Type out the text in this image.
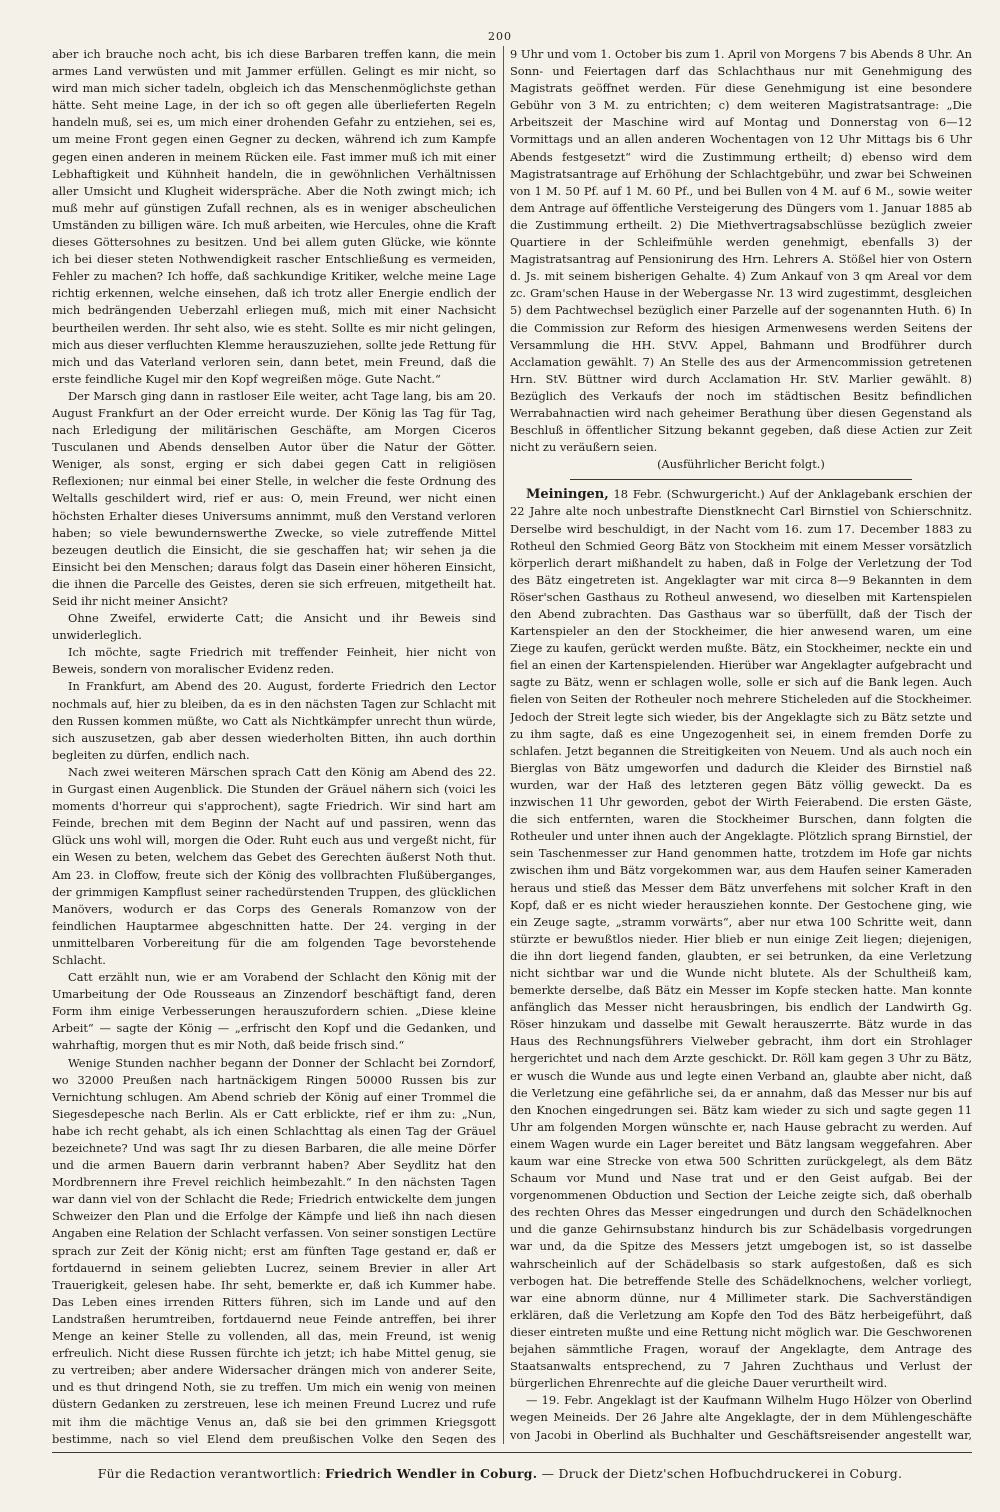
200

aber ich brauche noch acht, bis ich diese Barbaren treffen kann, die mein armes Land verwüsten und mit Jammer erfüllen. Gelingt es mir nicht, so wird man mich sicher tadeln, obgleich ich das Menschenmöglichste gethan hätte. Seht meine Lage, in der ich so oft gegen alle überlieferten Regeln handeln muß, sei es, um mich einer drohenden Gefahr zu entziehen, sei es, um meine Front gegen einen Gegner zu decken, während ich zum Kampfe gegen einen anderen in meinem Rücken eile. Fast immer muß ich mit einer Lebhaftigkeit und Kühnheit handeln, die in gewöhnlichen Verhältnissen aller Umsicht und Klugheit widerspräche. Aber die Noth zwingt mich; ich muß mehr auf günstigen Zufall rechnen, als es in weniger abscheulichen Umständen zu billigen wäre. Ich muß arbeiten, wie Hercules, ohne die Kraft dieses Göttersohnes zu besitzen. Und bei allem guten Glücke, wie könnte ich bei dieser steten Nothwendigkeit rascher Entschließung es vermeiden, Fehler zu machen? Ich hoffe, daß sachkundige Kritiker, welche meine Lage richtig erkennen, welche einsehen, daß ich trotz aller Energie endlich der mich bedrängenden Ueberzahl erliegen muß, mich mit einer Nachsicht beurtheilen werden. Ihr seht also, wie es steht. Sollte es mir nicht gelingen, mich aus dieser verfluchten Klemme herauszuziehen, sollte jede Rettung für mich und das Vaterland verloren sein, dann betet, mein Freund, daß die erste feindliche Kugel mir den Kopf wegreißen möge. Gute Nacht.“

Der Marsch ging dann in rastloser Eile weiter, acht Tage lang, bis am 20. August Frankfurt an der Oder erreicht wurde. Der König las Tag für Tag, nach Erledigung der militärischen Geschäfte, am Morgen Ciceros Tusculanen und Abends denselben Autor über die Natur der Götter. Weniger, als sonst, erging er sich dabei gegen Catt in religiösen Reflexionen; nur einmal bei einer Stelle, in welcher die feste Ordnung des Weltalls geschildert wird, rief er aus: O, mein Freund, wer nicht einen höchsten Erhalter dieses Universums annimmt, muß den Verstand verloren haben; so viele bewundernswerthe Zwecke, so viele zutreffende Mittel bezeugen deutlich die Einsicht, die sie geschaffen hat; wir sehen ja die Einsicht bei den Menschen; daraus folgt das Dasein einer höheren Einsicht, die ihnen die Parcelle des Geistes, deren sie sich erfreuen, mitgetheilt hat. Seid ihr nicht meiner Ansicht?

Ohne Zweifel, erwiderte Catt; die Ansicht und ihr Beweis sind unwiderleglich.

Ich möchte, sagte Friedrich mit treffender Feinheit, hier nicht von Beweis, sondern von moralischer Evidenz reden.

In Frankfurt, am Abend des 20. August, forderte Friedrich den Lector nochmals auf, hier zu bleiben, da es in den nächsten Tagen zur Schlacht mit den Russen kommen müßte, wo Catt als Nichtkämpfer unrecht thun würde, sich auszusetzen, gab aber dessen wiederholten Bitten, ihn auch dorthin begleiten zu dürfen, endlich nach.

Nach zwei weiteren Märschen sprach Catt den König am Abend des 22. in Gurgast einen Augenblick. Die Stunden der Gräuel nähern sich (voici les moments d'horreur qui s'approchent), sagte Friedrich. Wir sind hart am Feinde, brechen mit dem Beginn der Nacht auf und passiren, wenn das Glück uns wohl will, morgen die Oder. Ruht euch aus und vergeßt nicht, für ein Wesen zu beten, welchem das Gebet des Gerechten äußerst Noth thut. Am 23. in Cloffow, freute sich der König des vollbrachten Flußüberganges, der grimmigen Kampflust seiner rachedürstenden Truppen, des glücklichen Manövers, wodurch er das Corps des Generals Romanzow von der feindlichen Hauptarmee abgeschnitten hatte. Der 24. verging in der unmittelbaren Vorbereitung für die am folgenden Tage bevorstehende Schlacht.

Catt erzählt nun, wie er am Vorabend der Schlacht den König mit der Umarbeitung der Ode Rousseaus an Zinzendorf beschäftigt fand, deren Form ihm einige Verbesserungen herauszufordern schien. „Diese kleine Arbeit“ — sagte der König — „erfrischt den Kopf und die Gedanken, und wahrhaftig, morgen thut es mir Noth, daß beide frisch sind.“

Wenige Stunden nachher begann der Donner der Schlacht bei Zorndorf, wo 32000 Preußen nach hartnäckigem Ringen 50000 Russen bis zur Vernichtung schlugen. Am Abend schrieb der König auf einer Trommel die Siegesdepesche nach Berlin. Als er Catt erblickte, rief er ihm zu: „Nun, habe ich recht gehabt, als ich einen Schlachttag als einen Tag der Gräuel bezeichnete? Und was sagt Ihr zu diesen Barbaren, die alle meine Dörfer und die armen Bauern darin verbrannt haben? Aber Seydlitz hat den Mordbrennern ihre Frevel reichlich heimbezahlt.“ In den nächsten Tagen war dann viel von der Schlacht die Rede; Friedrich entwickelte dem jungen Schweizer den Plan und die Erfolge der Kämpfe und ließ ihn nach diesen Angaben eine Relation der Schlacht verfassen. Von seiner sonstigen Lectüre sprach zur Zeit der König nicht; erst am fünften Tage gestand er, daß er fortdauernd in seinem geliebten Lucrez, seinem Brevier in aller Art Trauerigkeit, gelesen habe. Ihr seht, bemerkte er, daß ich Kummer habe. Das Leben eines irrenden Ritters führen, sich im Lande und auf den Landstraßen herumtreiben, fortdauernd neue Feinde antreffen, bei ihrer Menge an keiner Stelle zu vollenden, all das, mein Freund, ist wenig erfreulich. Nicht diese Russen fürchte ich jetzt; ich habe Mittel genug, sie zu vertreiben; aber andere Widersacher drängen mich von anderer Seite, und es thut dringend Noth, sie zu treffen. Um mich ein wenig von meinen düstern Gedanken zu zerstreuen, lese ich meinen Freund Lucrez und rufe mit ihm die mächtige Venus an, daß sie bei den grimmen Kriegsgott bestimme, nach so viel Elend dem preußischen Volke den Segen des

9 Uhr und vom 1. October bis zum 1. April von Morgens 7 bis Abends 8 Uhr. An Sonn- und Feiertagen darf das Schlachthaus nur mit Genehmigung des Magistrats geöffnet werden. Für diese Genehmigung ist eine besondere Gebühr von 3 M. zu entrichten; c) dem weiteren Magistratsantrage: „Die Arbeitszeit der Maschine wird auf Montag und Donnerstag von 6—12 Vormittags und an allen anderen Wochentagen von 12 Uhr Mittags bis 6 Uhr Abends festgesetzt“ wird die Zustimmung ertheilt; d) ebenso wird dem Magistratsantrage auf Erhöhung der Schlachtgebühr, und zwar bei Schweinen von 1 M. 50 Pf. auf 1 M. 60 Pf., und bei Bullen von 4 M. auf 6 M., sowie weiter dem Antrage auf öffentliche Versteigerung des Düngers vom 1. Januar 1885 ab die Zustimmung ertheilt. 2) Die Miethvertragsabschlüsse bezüglich zweier Quartiere in der Schleifmühle werden genehmigt, ebenfalls 3) der Magistratsantrag auf Pensionirung des Hrn. Lehrers A. Stößel hier von Ostern d. Js. mit seinem bisherigen Gehalte. 4) Zum Ankauf von 3 qm Areal vor dem zc. Gram'schen Hause in der Webergasse Nr. 13 wird zugestimmt, desgleichen 5) dem Pachtwechsel bezüglich einer Parzelle auf der sogenannten Huth. 6) In die Commission zur Reform des hiesigen Armenwesens werden Seitens der Versammlung die HH. StVV. Appel, Bahmann und Brodführer durch Acclamation gewählt. 7) An Stelle des aus der Armencommission getretenen Hrn. StV. Büttner wird durch Acclamation Hr. StV. Marlier gewählt. 8) Bezüglich des Verkaufs der noch im städtischen Besitz befindlichen Werrabahnactien wird nach geheimer Berathung über diesen Gegenstand als Beschluß in öffentlicher Sitzung bekannt gegeben, daß diese Actien zur Zeit nicht zu veräußern seien.

(Ausführlicher Bericht folgt.)

Meiningen, 18 Febr. (Schwurgericht.) Auf der Anklagebank erschien der 22 Jahre alte noch unbestrafte Dienstknecht Carl Birnstiel von Schierschnitz. Derselbe wird beschuldigt, in der Nacht vom 16. zum 17. December 1883 zu Rotheul den Schmied Georg Bätz von Stockheim mit einem Messer vorsätzlich körperlich derart mißhandelt zu haben, daß in Folge der Verletzung der Tod des Bätz eingetreten ist. Angeklagter war mit circa 8—9 Bekannten in dem Röser'schen Gasthaus zu Rotheul anwesend, wo dieselben mit Kartenspielen den Abend zubrachten. Das Gasthaus war so überfüllt, daß der Tisch der Kartenspieler an den der Stockheimer, die hier anwesend waren, um eine Ziege zu kaufen, gerückt werden mußte. Bätz, ein Stockheimer, neckte ein und fiel an einen der Kartenspielenden. Hierüber war Angeklagter aufgebracht und sagte zu Bätz, wenn er schlagen wolle, solle er sich auf die Bank legen. Auch fielen von Seiten der Rotheuler noch mehrere Sticheleden auf die Stockheimer. Jedoch der Streit legte sich wieder, bis der Angeklagte sich zu Bätz setzte und zu ihm sagte, daß es eine Ungezogenheit sei, in einem fremden Dorfe zu schlafen. Jetzt begannen die Streitigkeiten von Neuem. Und als auch noch ein Bierglas von Bätz umgeworfen und dadurch die Kleider des Birnstiel naß wurden, war der Haß des letzteren gegen Bätz völlig geweckt. Da es inzwischen 11 Uhr geworden, gebot der Wirth Feierabend. Die ersten Gäste, die sich entfernten, waren die Stockheimer Burschen, dann folgten die Rotheuler und unter ihnen auch der Angeklagte. Plötzlich sprang Birnstiel, der sein Taschenmesser zur Hand genommen hatte, trotzdem im Hofe gar nichts zwischen ihm und Bätz vorgekommen war, aus dem Haufen seiner Kameraden heraus und stieß das Messer dem Bätz unverfehens mit solcher Kraft in den Kopf, daß er es nicht wieder herausziehen konnte. Der Gestochene ging, wie ein Zeuge sagte, „stramm vorwärts“, aber nur etwa 100 Schritte weit, dann stürzte er bewußtlos nieder. Hier blieb er nun einige Zeit liegen; diejenigen, die ihn dort liegend fanden, glaubten, er sei betrunken, da eine Verletzung nicht sichtbar war und die Wunde nicht blutete. Als der Schultheiß kam, bemerkte derselbe, daß Bätz ein Messer im Kopfe stecken hatte. Man konnte anfänglich das Messer nicht herausbringen, bis endlich der Landwirth Gg. Röser hinzukam und dasselbe mit Gewalt herauszerrte. Bätz wurde in das Haus des Rechnungsführers Vielweber gebracht, ihm dort ein Strohlager hergerichtet und nach dem Arzte geschickt. Dr. Röll kam gegen 3 Uhr zu Bätz, er wusch die Wunde aus und legte einen Verband an, glaubte aber nicht, daß die Verletzung eine gefährliche sei, da er annahm, daß das Messer nur bis auf den Knochen eingedrungen sei. Bätz kam wieder zu sich und sagte gegen 11 Uhr am folgenden Morgen wünschte er, nach Hause gebracht zu werden. Auf einem Wagen wurde ein Lager bereitet und Bätz langsam weggefahren. Aber kaum war eine Strecke von etwa 500 Schritten zurückgelegt, als dem Bätz Schaum vor Mund und Nase trat und er den Geist aufgab. Bei der vorgenommenen Obduction und Section der Leiche zeigte sich, daß oberhalb des rechten Ohres das Messer eingedrungen und durch den Schädelknochen und die ganze Gehirnsubstanz hindurch bis zur Schädelbasis vorgedrungen war und, da die Spitze des Messers jetzt umgebogen ist, so ist dasselbe wahrscheinlich auf der Schädelbasis so stark aufgestoßen, daß es sich verbogen hat. Die betreffende Stelle des Schädelknochens, welcher vorliegt, war eine abnorm dünne, nur 4 Millimeter stark. Die Sachverständigen erklären, daß die Verletzung am Kopfe den Tod des Bätz herbeigeführt, daß dieser eintreten mußte und eine Rettung nicht möglich war. Die Geschworenen bejahen sämmtliche Fragen, worauf der Angeklagte, dem Antrage des Staatsanwalts entsprechend, zu 7 Jahren Zuchthaus und Verlust der bürgerlichen Ehrenrechte auf die gleiche Dauer verurtheilt wird.

— 19. Febr. Angeklagt ist der Kaufmann Wilhelm Hugo Hölzer von Oberlind wegen Meineids. Der 26 Jahre alte Angeklagte, der in dem Mühlengeschäfte von Jacobi in Oberlind als Buchhalter und Geschäftsreisender angestellt war,

Für die Redaction verantwortlich: Friedrich Wendler in Coburg. — Druck der Dietz'schen Hofbuchdruckerei in Coburg.
